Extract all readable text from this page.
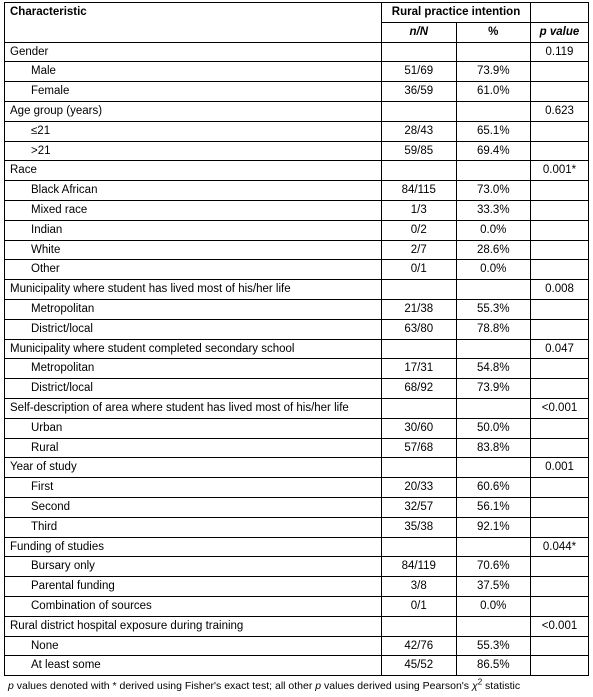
Characteristic	Rural practice intention		
	n/N	%	p value
Gender			0.119
Male	51/69	73.9%	
Female	36/59	61.0%	
Age group (years)			0.623
≤21	28/43	65.1%	
>21	59/85	69.4%	
Race			0.001*
Black African	84/115	73.0%	
Mixed race	1/3	33.3%	
Indian	0/2	0.0%	
White	2/7	28.6%	
Other	0/1	0.0%	
Municipality where student has lived most of his/her life			0.008
Metropolitan	21/38	55.3%	
District/local	63/80	78.8%	
Municipality where student completed secondary school			0.047
Metropolitan	17/31	54.8%	
District/local	68/92	73.9%	
Self-description of area where student has lived most of his/her life			<0.001
Urban	30/60	50.0%	
Rural	57/68	83.8%	
Year of study			0.001
First	20/33	60.6%	
Second	32/57	56.1%	
Third	35/38	92.1%	
Funding of studies			0.044*
Bursary only	84/119	70.6%	
Parental funding	3/8	37.5%	
Combination of sources	0/1	0.0%	
Rural district hospital exposure during training			<0.001
None	42/76	55.3%	
At least some	45/52	86.5%	
p values denoted with * derived using Fisher's exact test; all other p values derived using Pearson's $\chi^2$ statistic
